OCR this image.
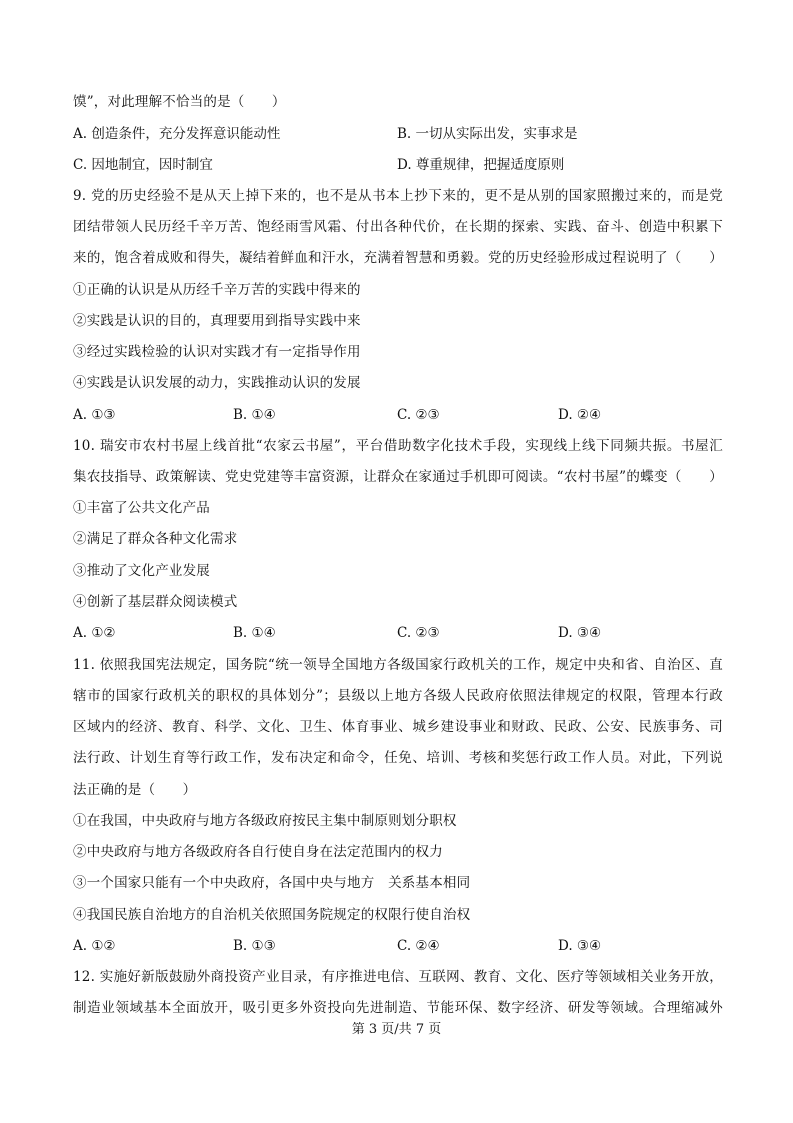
馍”，对此理解不恰当的是（　　）
A. 创造条件，充分发挥意识能动性	B. 一切从实际出发，实事求是
C. 因地制宜，因时制宜	D. 尊重规律，把握适度原则
9. 党的历史经验不是从天上掉下来的，也不是从书本上抄下来的，更不是从别的国家照搬过来的，而是党
团结带领人民历经千辛万苦、饱经雨雪风霜、付出各种代价，在长期的探索、实践、奋斗、创造中积累下
来的，饱含着成败和得失，凝结着鲜血和汗水，充满着智慧和勇毅。党的历史经验形成过程说明了（　　）
①正确的认识是从历经千辛万苦的实践中得来的
②实践是认识的目的，真理要用到指导实践中来
③经过实践检验的认识对实践才有一定指导作用
④实践是认识发展的动力，实践推动认识的发展
A. ①③	B. ①④	C. ②③	D. ②④
10. 瑞安市农村书屋上线首批“农家云书屋”，平台借助数字化技术手段，实现线上线下同频共振。书屋汇
集农技指导、政策解读、党史党建等丰富资源，让群众在家通过手机即可阅读。“农村书屋”的蝶变（　　）
①丰富了公共文化产品
②满足了群众各种文化需求
③推动了文化产业发展
④创新了基层群众阅读模式
A. ①②	B. ①④	C. ②③	D. ③④
11. 依照我国宪法规定，国务院“统一领导全国地方各级国家行政机关的工作，规定中央和省、自治区、直
辖市的国家行政机关的职权的具体划分”；县级以上地方各级人民政府依照法律规定的权限，管理本行政
区域内的经济、教育、科学、文化、卫生、体育事业、城乡建设事业和财政、民政、公安、民族事务、司
法行政、计划生育等行政工作，发布决定和命令，任免、培训、考核和奖惩行政工作人员。对此，下列说
法正确的是（　　）
①在我国，中央政府与地方各级政府按民主集中制原则划分职权
②中央政府与地方各级政府各自行使自身在法定范围内的权力
③一个国家只能有一个中央政府，各国中央与地方　关系基本相同
④我国民族自治地方的自治机关依照国务院规定的权限行使自治权
A. ①②	B. ①③	C. ②④	D. ③④
12. 实施好新版鼓励外商投资产业目录，有序推进电信、互联网、教育、文化、医疗等领域相关业务开放，
制造业领域基本全面放开，吸引更多外资投向先进制造、节能环保、数字经济、研发等领域。合理缩减外
第 3 页/共 7 页
